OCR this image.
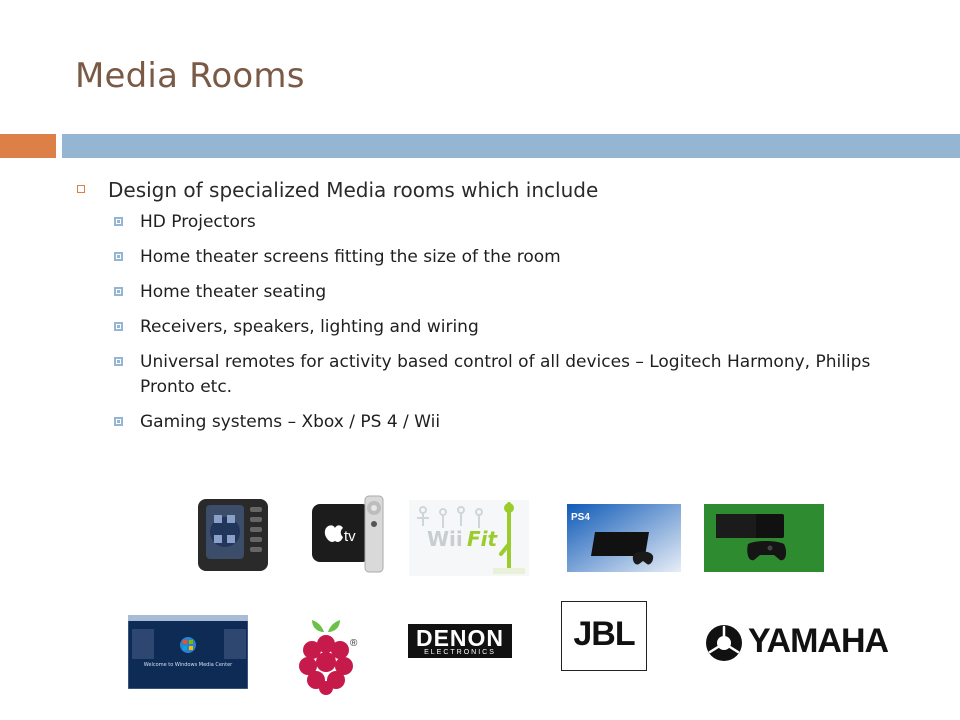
Media Rooms
Design of specialized Media rooms which include
HD Projectors
Home theater screens fitting the size of the room
Home theater seating
Receivers, speakers, lighting and wiring
Universal remotes for activity based control of all devices – Logitech Harmony, Philips Pronto etc.
Gaming systems – Xbox / PS 4 / Wii
tv	Wii Fit
PS4
Welcome to Windows Media Center
®	DENON
ELECTRONICS	JBL	YAMAHA
